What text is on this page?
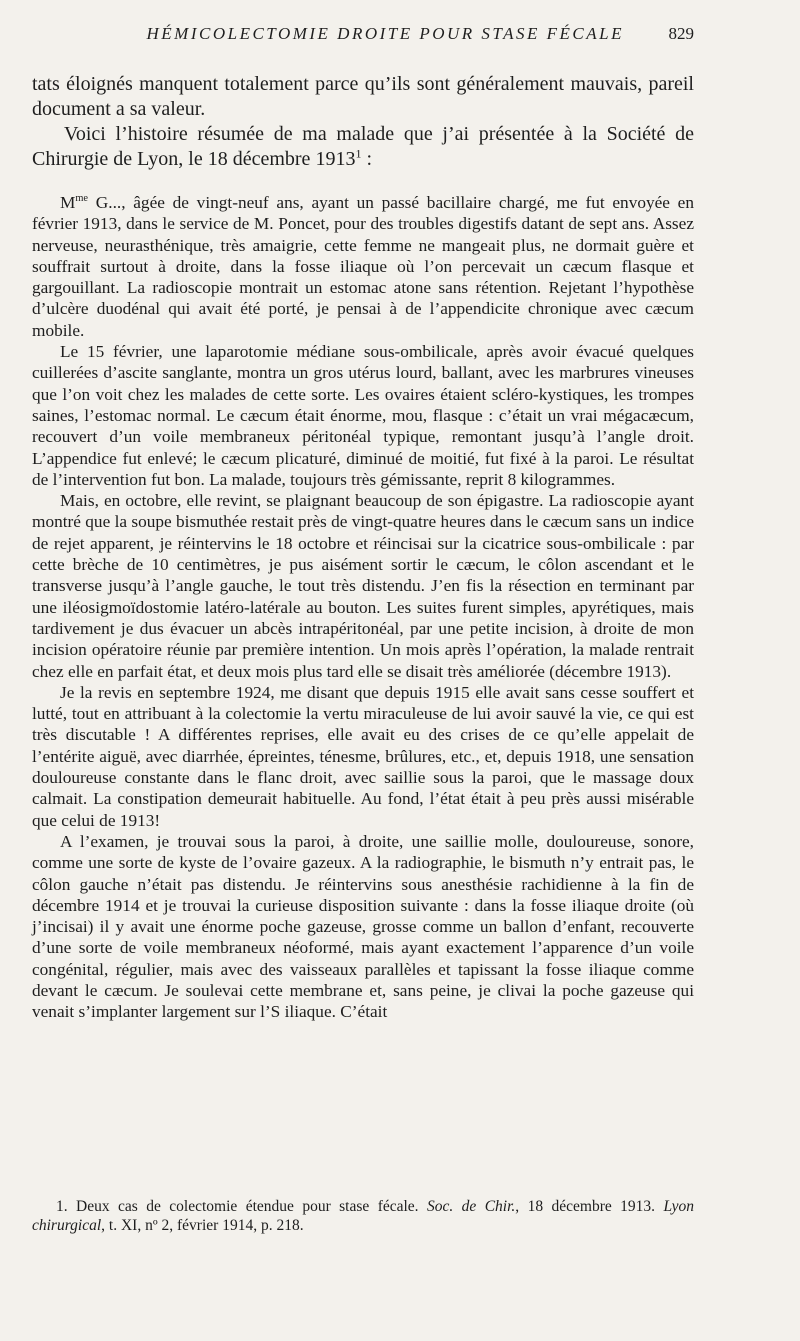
HÉMICOLECTOMIE DROITE POUR STASE FÉCALE	829

tats éloignés manquent totalement parce qu’ils sont généralement mauvais, pareil document a sa valeur.

Voici l’histoire résumée de ma malade que j’ai présentée à la Société de Chirurgie de Lyon, le 18 décembre 1913$^1$ :

$M^{me}$ G..., âgée de vingt-neuf ans, ayant un passé bacillaire chargé, me fut envoyée en février 1913, dans le service de M. Poncet, pour des troubles digestifs datant de sept ans. Assez nerveuse, neurasthénique, très amaigrie, cette femme ne mangeait plus, ne dormait guère et souffrait surtout à droite, dans la fosse iliaque où l’on percevait un cæcum flasque et gargouillant. La radioscopie montrait un estomac atone sans rétention. Rejetant l’hypothèse d’ulcère duodénal qui avait été porté, je pensai à de l’appendicite chronique avec cæcum mobile.

Le 15 février, une laparotomie médiane sous-ombilicale, après avoir évacué quelques cuillerées d’ascite sanglante, montra un gros utérus lourd, ballant, avec les marbrures vineuses que l’on voit chez les malades de cette sorte. Les ovaires étaient scléro-kystiques, les trompes saines, l’estomac normal. Le cæcum était énorme, mou, flasque : c’était un vrai mégacæcum, recouvert d’un voile membraneux péritonéal typique, remontant jusqu’à l’angle droit. L’appendice fut enlevé; le cæcum plicaturé, diminué de moitié, fut fixé à la paroi. Le résultat de l’intervention fut bon. La malade, toujours très gémissante, reprit 8 kilogrammes.

Mais, en octobre, elle revint, se plaignant beaucoup de son épigastre. La radioscopie ayant montré que la soupe bismuthée restait près de vingt-quatre heures dans le cæcum sans un indice de rejet apparent, je réintervins le 18 octobre et réincisai sur la cicatrice sous-ombilicale : par cette brèche de 10 centimètres, je pus aisément sortir le cæcum, le côlon ascendant et le transverse jusqu’à l’angle gauche, le tout très distendu. J’en fis la résection en terminant par une iléosigmoïdostomie latéro-latérale au bouton. Les suites furent simples, apyrétiques, mais tardivement je dus évacuer un abcès intrapéritonéal, par une petite incision, à droite de mon incision opératoire réunie par première intention. Un mois après l’opération, la malade rentrait chez elle en parfait état, et deux mois plus tard elle se disait très améliorée (décembre 1913).

Je la revis en septembre 1924, me disant que depuis 1915 elle avait sans cesse souffert et lutté, tout en attribuant à la colectomie la vertu miraculeuse de lui avoir sauvé la vie, ce qui est très discutable ! A différentes reprises, elle avait eu des crises de ce qu’elle appelait de l’entérite aiguë, avec diarrhée, épreintes, ténesme, brûlures, etc., et, depuis 1918, une sensation douloureuse constante dans le flanc droit, avec saillie sous la paroi, que le massage doux calmait. La constipation demeurait habituelle. Au fond, l’état était à peu près aussi misérable que celui de 1913!

A l’examen, je trouvai sous la paroi, à droite, une saillie molle, douloureuse, sonore, comme une sorte de kyste de l’ovaire gazeux. A la radiographie, le bismuth n’y entrait pas, le côlon gauche n’était pas distendu. Je réintervins sous anesthésie rachidienne à la fin de décembre 1914 et je trouvai la curieuse disposition suivante : dans la fosse iliaque droite (où j’incisai) il y avait une énorme poche gazeuse, grosse comme un ballon d’enfant, recouverte d’une sorte de voile membraneux néoformé, mais ayant exactement l’apparence d’un voile congénital, régulier, mais avec des vaisseaux parallèles et tapissant la fosse iliaque comme devant le cæcum. Je soulevai cette membrane et, sans peine, je clivai la poche gazeuse qui venait s’implanter largement sur l’S iliaque. C’était

1. Deux cas de colectomie étendue pour stase fécale. Soc. de Chir., 18 décembre 1913. Lyon chirurgical, t. XI, nº 2, février 1914, p. 218.
